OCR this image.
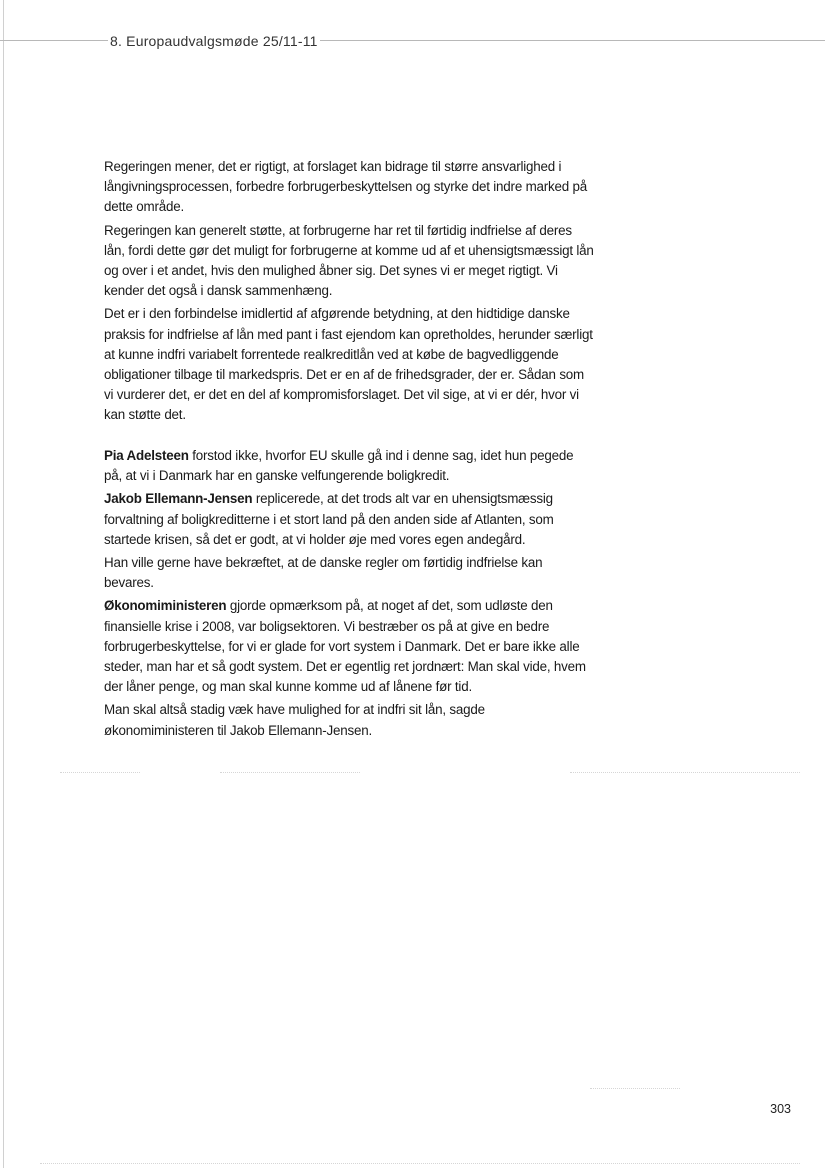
8. Europaudvalgsmøde 25/11-11

Regeringen mener, det er rigtigt, at forslaget kan bidrage til større ansvarlighed i långivningsprocessen, forbedre forbrugerbeskyttelsen og styrke det indre marked på dette område.

Regeringen kan generelt støtte, at forbrugerne har ret til førtidig indfrielse af deres lån, fordi dette gør det muligt for forbrugerne at komme ud af et uhensigtsmæssigt lån og over i et andet, hvis den mulighed åbner sig. Det synes vi er meget rigtigt. Vi kender det også i dansk sammenhæng.

Det er i den forbindelse imidlertid af afgørende betydning, at den hidtidige danske praksis for indfrielse af lån med pant i fast ejendom kan opretholdes, herunder særligt at kunne indfri variabelt forrentede realkreditlån ved at købe de bagvedliggende obligationer tilbage til markedspris. Det er en af de frihedsgrader, der er. Sådan som vi vurderer det, er det en del af kompromisforslaget. Det vil sige, at vi er dér, hvor vi kan støtte det.

Pia Adelsteen forstod ikke, hvorfor EU skulle gå ind i denne sag, idet hun pegede på, at vi i Danmark har en ganske velfungerende boligkredit.

Jakob Ellemann-Jensen replicerede, at det trods alt var en uhensigtsmæssig forvaltning af boligkreditterne i et stort land på den anden side af Atlanten, som startede krisen, så det er godt, at vi holder øje med vores egen andegård.

Han ville gerne have bekræftet, at de danske regler om førtidig indfrielse kan bevares.

Økonomiministeren gjorde opmærksom på, at noget af det, som udløste den finansielle krise i 2008, var boligsektoren. Vi bestræber os på at give en bedre forbrugerbeskyttelse, for vi er glade for vort system i Danmark. Det er bare ikke alle steder, man har et så godt system. Det er egentlig ret jordnært: Man skal vide, hvem der låner penge, og man skal kunne komme ud af lånene før tid.

Man skal altså stadig væk have mulighed for at indfri sit lån, sagde økonomiministeren til Jakob Ellemann-Jensen.

303
